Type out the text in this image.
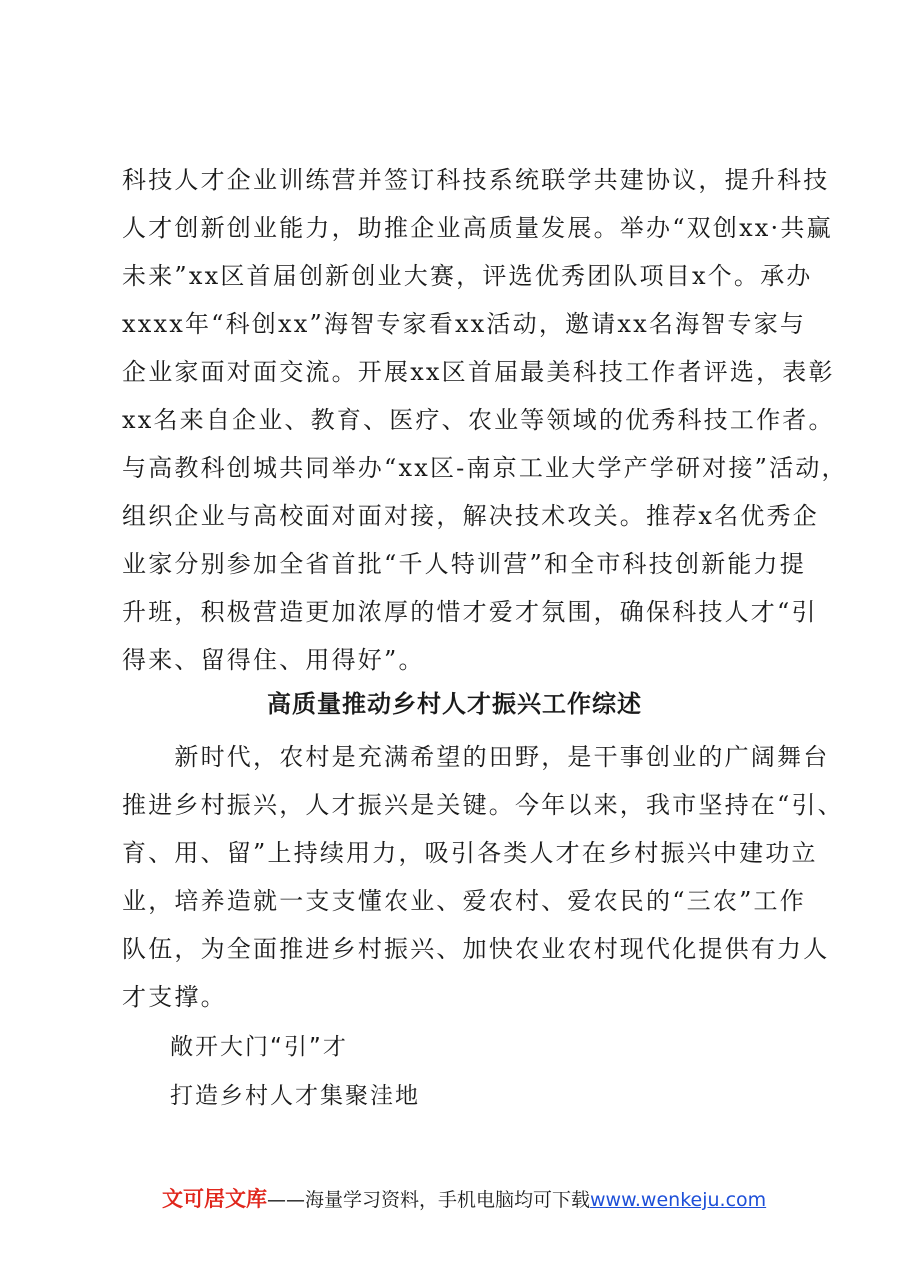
科技人才企业训练营并签订科技系统联学共建协议，提升科技
人才创新创业能力，助推企业高质量发展。举办“双创xx·共赢
未来”xx区首届创新创业大赛，评选优秀团队项目x个。承办
xxxx年“科创xx”海智专家看xx活动，邀请xx名海智专家与
企业家面对面交流。开展xx区首届最美科技工作者评选，表彰
xx名来自企业、教育、医疗、农业等领域的优秀科技工作者。
与高教科创城共同举办“xx区-南京工业大学产学研对接”活动，
组织企业与高校面对面对接，解决技术攻关。推荐x名优秀企
业家分别参加全省首批“千人特训营”和全市科技创新能力提
升班，积极营造更加浓厚的惜才爱才氛围，确保科技人才“引
得来、留得住、用得好”。
高质量推动乡村人才振兴工作综述
　　新时代，农村是充满希望的田野，是干事创业的广阔舞台
推进乡村振兴，人才振兴是关键。今年以来，我市坚持在“引、
育、用、留”上持续用力，吸引各类人才在乡村振兴中建功立
业，培养造就一支支懂农业、爱农村、爱农民的“三农”工作
队伍，为全面推进乡村振兴、加快农业农村现代化提供有力人
才支撑。
敞开大门“引”才
打造乡村人才集聚洼地
文可居文库——海量学习资料，手机电脑均可下载www.wenkeju.com
